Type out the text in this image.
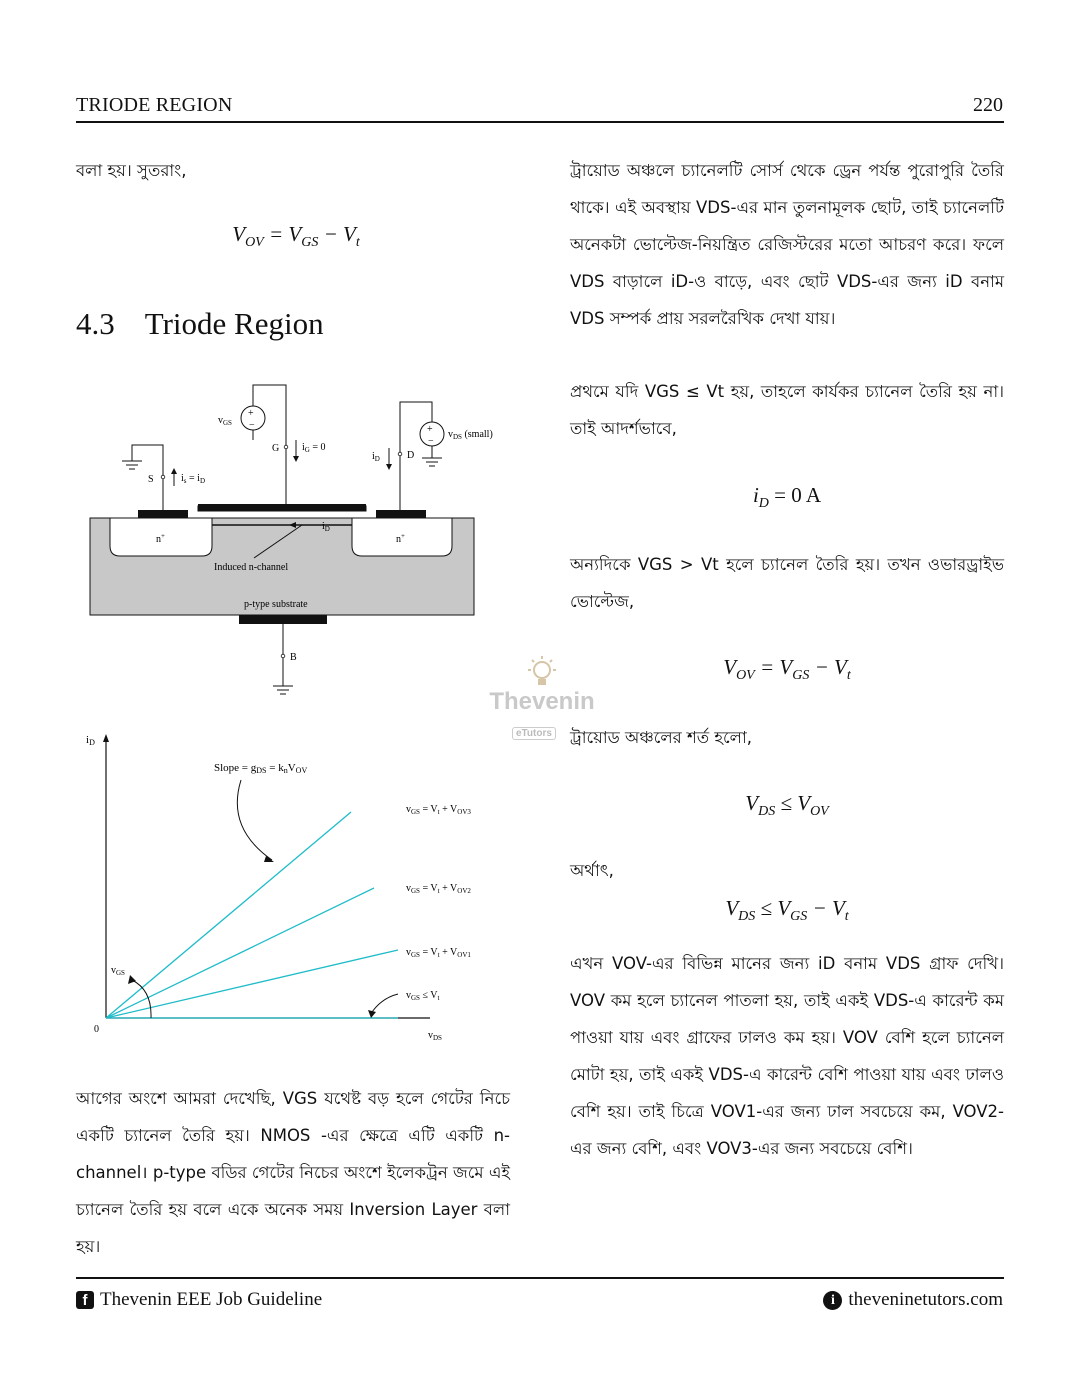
TRIODE REGION	220
বলা হয়। সুতরাং,
$V_{OV} = V_{GS} - V_t$
4.3 Triode Region
+
−
$v_{GS}$
G $i_G = 0$
S	$i_s = i_D$
+
−
$v_{DS}$ (small)
D
$i_D$
n+	n+
$i_D$
Induced n-channel
p-type substrate
B
iD
$v_{DS}$
0
Slope = gDS = knVOV
$v_{GS}$
$v_{GS} = V_t + V_{OV3}$
$v_{GS} = V_t + V_{OV2}$
$v_{GS} = V_t + V_{OV1}$
$v_{GS} \le V_t$
আগের অংশে আমরা দেখেছি, VGS যথেষ্ট বড় হলে গেটের নিচে একটি চ্যানেল তৈরি হয়। NMOS -এর ক্ষেত্রে এটি একটি n-channel। p-type বডির গেটের নিচের অংশে ইলেকট্রন জমে এই চ্যানেল তৈরি হয় বলে একে অনেক সময় Inversion Layer বলা হয়।
Thevenin
eTutors
ট্রায়োড অঞ্চলে চ্যানেলটি সোর্স থেকে ড্রেন পর্যন্ত পুরোপুরি তৈরি থাকে। এই অবস্থায় VDS-এর মান তুলনামূলক ছোট, তাই চ্যানেলটি অনেকটা ভোল্টেজ-নিয়ন্ত্রিত রেজিস্টরের মতো আচরণ করে। ফলে VDS বাড়ালে iD-ও বাড়ে, এবং ছোট VDS-এর জন্য iD বনাম VDS সম্পর্ক প্রায় সরলরৈখিক দেখা যায়।
প্রথমে যদি VGS ≤ Vt হয়, তাহলে কার্যকর চ্যানেল তৈরি হয় না। তাই আদর্শভাবে,
$i_D = 0$ A
অন্যদিকে VGS > Vt হলে চ্যানেল তৈরি হয়। তখন ওভারড্রাইভ ভোল্টেজ,
$V_{OV} = V_{GS} - V_t$
ট্রায়োড অঞ্চলের শর্ত হলো,
$V_{DS} \le V_{OV}$
অর্থাৎ,
$V_{DS} \le V_{GS} - V_t$
এখন VOV-এর বিভিন্ন মানের জন্য iD বনাম VDS গ্রাফ দেখি। VOV কম হলে চ্যানেল পাতলা হয়, তাই একই VDS-এ কারেন্ট কম পাওয়া যায় এবং গ্রাফের ঢালও কম হয়। VOV বেশি হলে চ্যানেল মোটা হয়, তাই একই VDS-এ কারেন্ট বেশি পাওয়া যায় এবং ঢালও বেশি হয়। তাই চিত্রে VOV1-এর জন্য ঢাল সবচেয়ে কম, VOV2-এর জন্য বেশি, এবং VOV3-এর জন্য সবচেয়ে বেশি।
f Thevenin EEE Job Guideline	i theveninetutors.com
